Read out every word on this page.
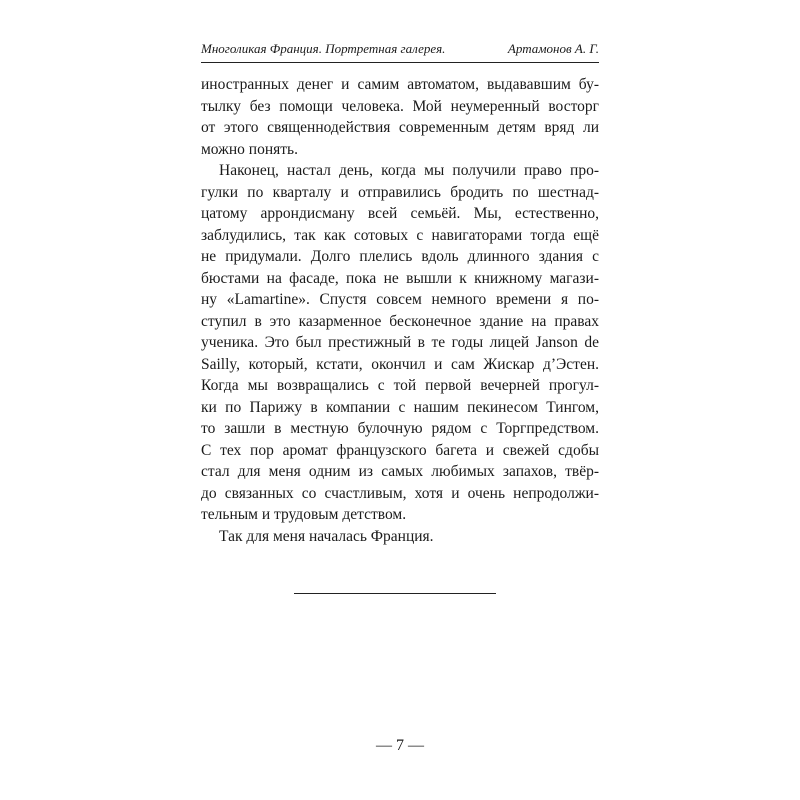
Многоликая Франция. Портретная галерея.	Артамонов А. Г.
иностранных денег и самим автоматом, выдававшим бу-
тылку без помощи человека. Мой неумеренный восторг
от этого священнодействия современным детям вряд ли
можно понять.
Наконец, настал день, когда мы получили право про-
гулки по кварталу и отправились бродить по шестнад-
цатому аррондисману всей семьёй. Мы, естественно,
заблудились, так как сотовых с навигаторами тогда ещё
не придумали. Долго плелись вдоль длинного здания с
бюстами на фасаде, пока не вышли к книжному магази-
ну «Lamartine». Спустя совсем немного времени я по-
ступил в это казарменное бесконечное здание на правах
ученика. Это был престижный в те годы лицей Janson de
Sailly, который, кстати, окончил и сам Жискар д’Эстен.
Когда мы возвращались с той первой вечерней прогул-
ки по Парижу в компании с нашим пекинесом Тингом,
то зашли в местную булочную рядом с Торгпредством.
С тех пор аромат французского багета и свежей сдобы
стал для меня одним из самых любимых запахов, твёр-
до связанных со счастливым, хотя и очень непродолжи-
тельным и трудовым детством.
Так для меня началась Франция.
— 7 —
